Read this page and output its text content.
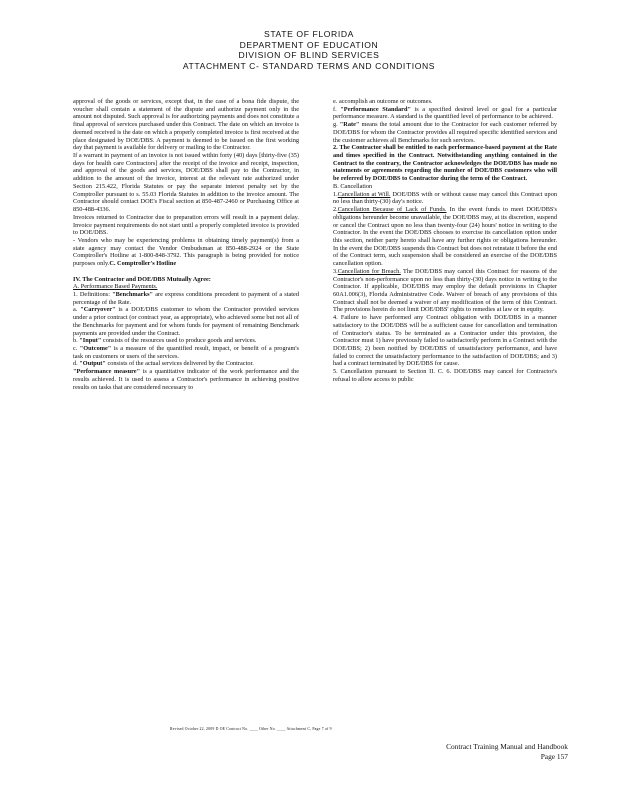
STATE OF FLORIDA
DEPARTMENT OF EDUCATION
DIVISION OF BLIND SERVICES
ATTACHMENT C- STANDARD TERMS AND CONDITIONS
approval of the goods or services, except that, in the case of a bona fide dispute, the voucher shall contain a statement of the dispute and authorize payment only in the amount not disputed. Such approval is for authorizing payments and does not constitute a final approval of services purchased under this Contract. The date on which an invoice is deemed received is the date on which a properly completed invoice is first received at the place designated by DOE/DBS. A payment is deemed to be issued on the first working day that payment is available for delivery or mailing to the Contractor.
If a warrant in payment of an invoice is not issued within forty (40) days [thirty-five (35) days for health care Contractors] after the receipt of the invoice and receipt, inspection, and approval of the goods and services, DOE/DBS shall pay to the Contractor, in addition to the amount of the invoice, interest at the relevant rate authorized under Section 215.422, Florida Statutes or pay the separate interest penalty set by the Comptroller pursuant to s. 55.03 Florida Statutes in addition to the invoice amount. The Contractor should contact DOE's Fiscal section at 850-487-2460 or Purchasing Office at 850-488-4336.
Invoices returned to Contractor due to preparation errors will result in a payment delay. Invoice payment requirements do not start until a properly completed invoice is provided to DOE/DBS.
- Vendors who may be experiencing problems in obtaining timely payment(s) from a state agency may contact the Vendor Ombudsman at 850-488-2924 or the State Comptroller's Hotline at 1-800-848-3792. This paragraph is being provided for notice purposes only.C. Comptroller's Hotline
IV. The Contractor and DOE/DBS Mutually Agree:
A. Performance Based Payments.
1. Definitions: "Benchmarks" are express conditions precedent to payment of a stated percentage of the Rate.
a. "Carryover" is a DOE/DBS customer to whom the Contractor provided services under a prior contract (or contract year, as appropriate), who achieved some but not all of the Benchmarks for payment and for whom funds for payment of remaining Benchmark payments are provided under the Contract.
b. "Input" consists of the resources used to produce goods and services.
c. "Outcome" is a measure of the quantified result, impact, or benefit of a program's task on customers or users of the services.
d. "Output" consists of the actual services delivered by the Contractor.
"Performance measure" is a quantitative indicator of the work performance and the results achieved. It is used to assess a Contractor's performance in achieving positive results on tasks that are considered necessary to
e. accomplish an outcome or outcomes.
f. "Performance Standard" is a specified desired level or goal for a particular performance measure. A standard is the quantified level of performance to be achieved.
g. "Rate" means the total amount due to the Contractor for each customer referred by DOE/DBS for whom the Contractor provides all required specific identified services and the customer achieves all Benchmarks for such services.
2. The Contractor shall be entitled to each performance-based payment at the Rate and times specified in the Contract. Notwithstanding anything contained in the Contract to the contrary, the Contractor acknowledges the DOE/DBS has made no statements or agreements regarding the number of DOE/DBS customers who will be referred by DOE/DBS to Contractor during the term of the Contract.
B. Cancellation
1.Cancellation at Will. DOE/DBS with or without cause may cancel this Contract upon no less than thirty-(30) day's notice.
2.Cancellation Because of Lack of Funds. In the event funds to meet DOE/DBS's obligations hereunder become unavailable, the DOE/DBS may, at its discretion, suspend or cancel the Contract upon no less than twenty-four (24) hours' notice in writing to the Contractor. In the event the DOE/DBS chooses to exercise its cancellation option under this section, neither party hereto shall have any further rights or obligations hereunder. In the event the DOE/DBS suspends this Contract but does not reinstate it before the end of the Contract term, such suspension shall be considered an exercise of the DOE/DBS cancellation option.
3.Cancellation for Breach. The DOE/DBS may cancel this Contract for reasons of the Contractor's non-performance upon no less than thirty-(30) days notice in writing to the Contractor. If applicable, DOE/DBS may employ the default provisions in Chapter 60A1.006(3), Florida Administrative Code. Waiver of breach of any provisions of this Contract shall not be deemed a waiver of any modification of the term of this Contract. The provisions herein do not limit DOE/DBS' rights to remedies at law or in equity.
4. Failure to have performed any Contract obligation with DOE/DBS in a manner satisfactory to the DOE/DBS will be a sufficient cause for cancellation and termination of Contractor's status. To be terminated as a Contractor under this provision, the Contractor must 1) have previously failed to satisfactorily perform in a Contract with the DOE/DBS; 2) been notified by DOE/DBS of unsatisfactory performance, and have failed to correct the unsatisfactory performance to the satisfaction of DOE/DBS; and 3) had a contract terminated by DOE/DBS for cause.
5. Cancellation pursuant to Section II. C. 6. DOE/DBS may cancel for Contractor's refusal to allow access to public
Revised October 22, 2009 D OE Contract No. ____ Other No. ____ Attachment C, Page 7 of 9
Contract Training Manual and Handbook
Page 157
